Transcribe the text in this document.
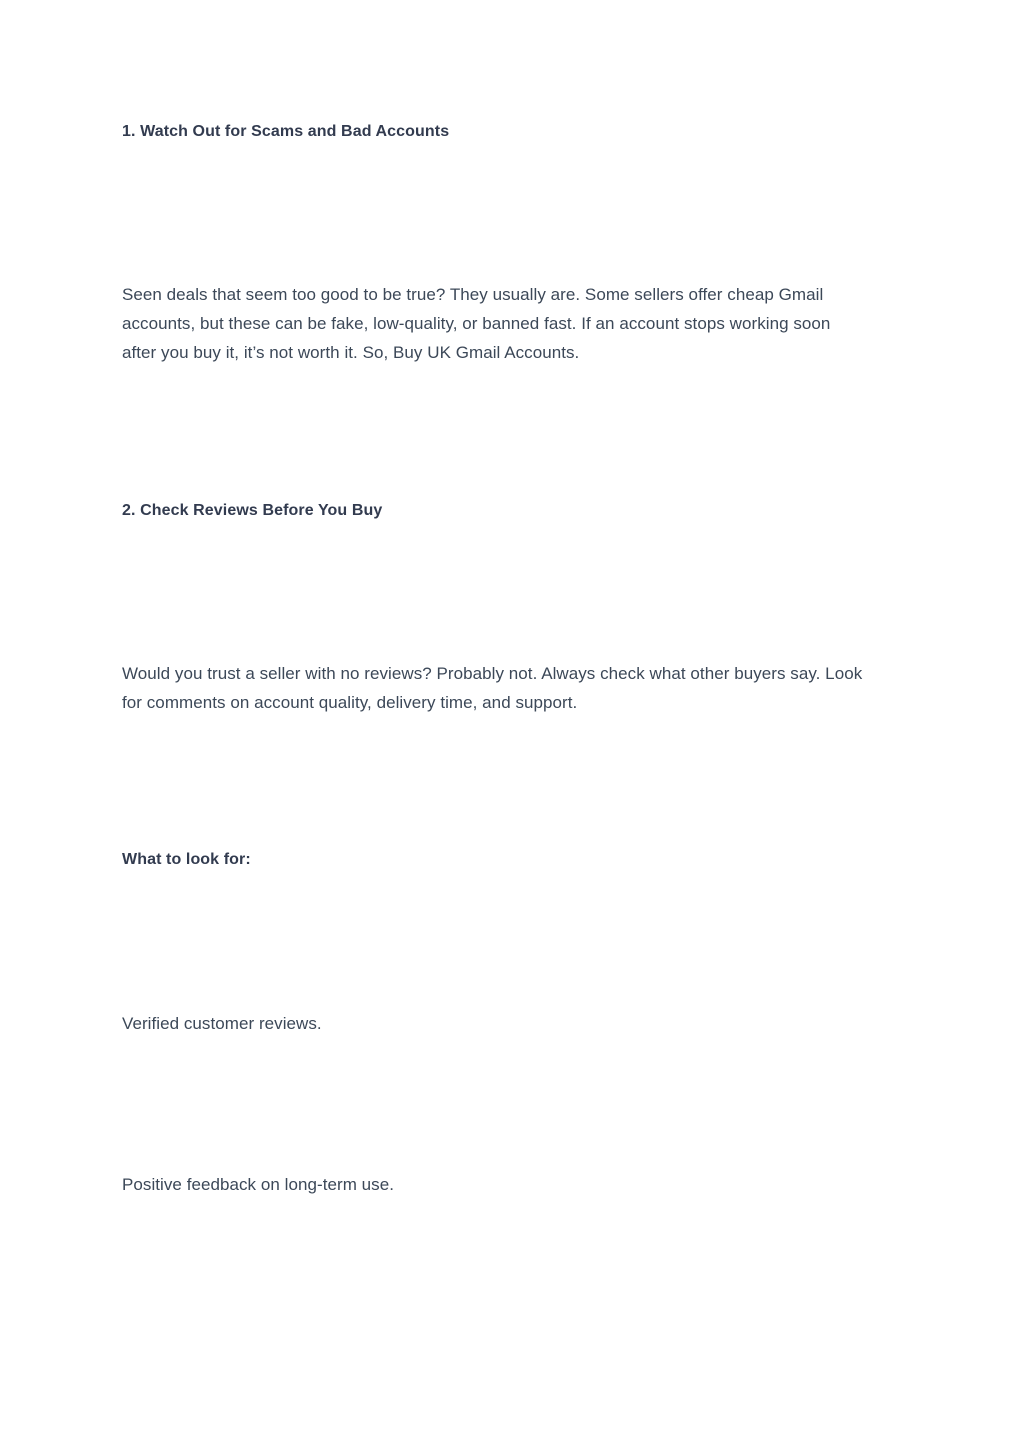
1. Watch Out for Scams and Bad Accounts

Seen deals that seem too good to be true? They usually are. Some sellers offer cheap Gmail accounts, but these can be fake, low-quality, or banned fast. If an account stops working soon after you buy it, it’s not worth it. So, Buy UK Gmail Accounts.

2. Check Reviews Before You Buy

Would you trust a seller with no reviews? Probably not. Always check what other buyers say. Look for comments on account quality, delivery time, and support.

What to look for:

Verified customer reviews.

Positive feedback on long-term use.
